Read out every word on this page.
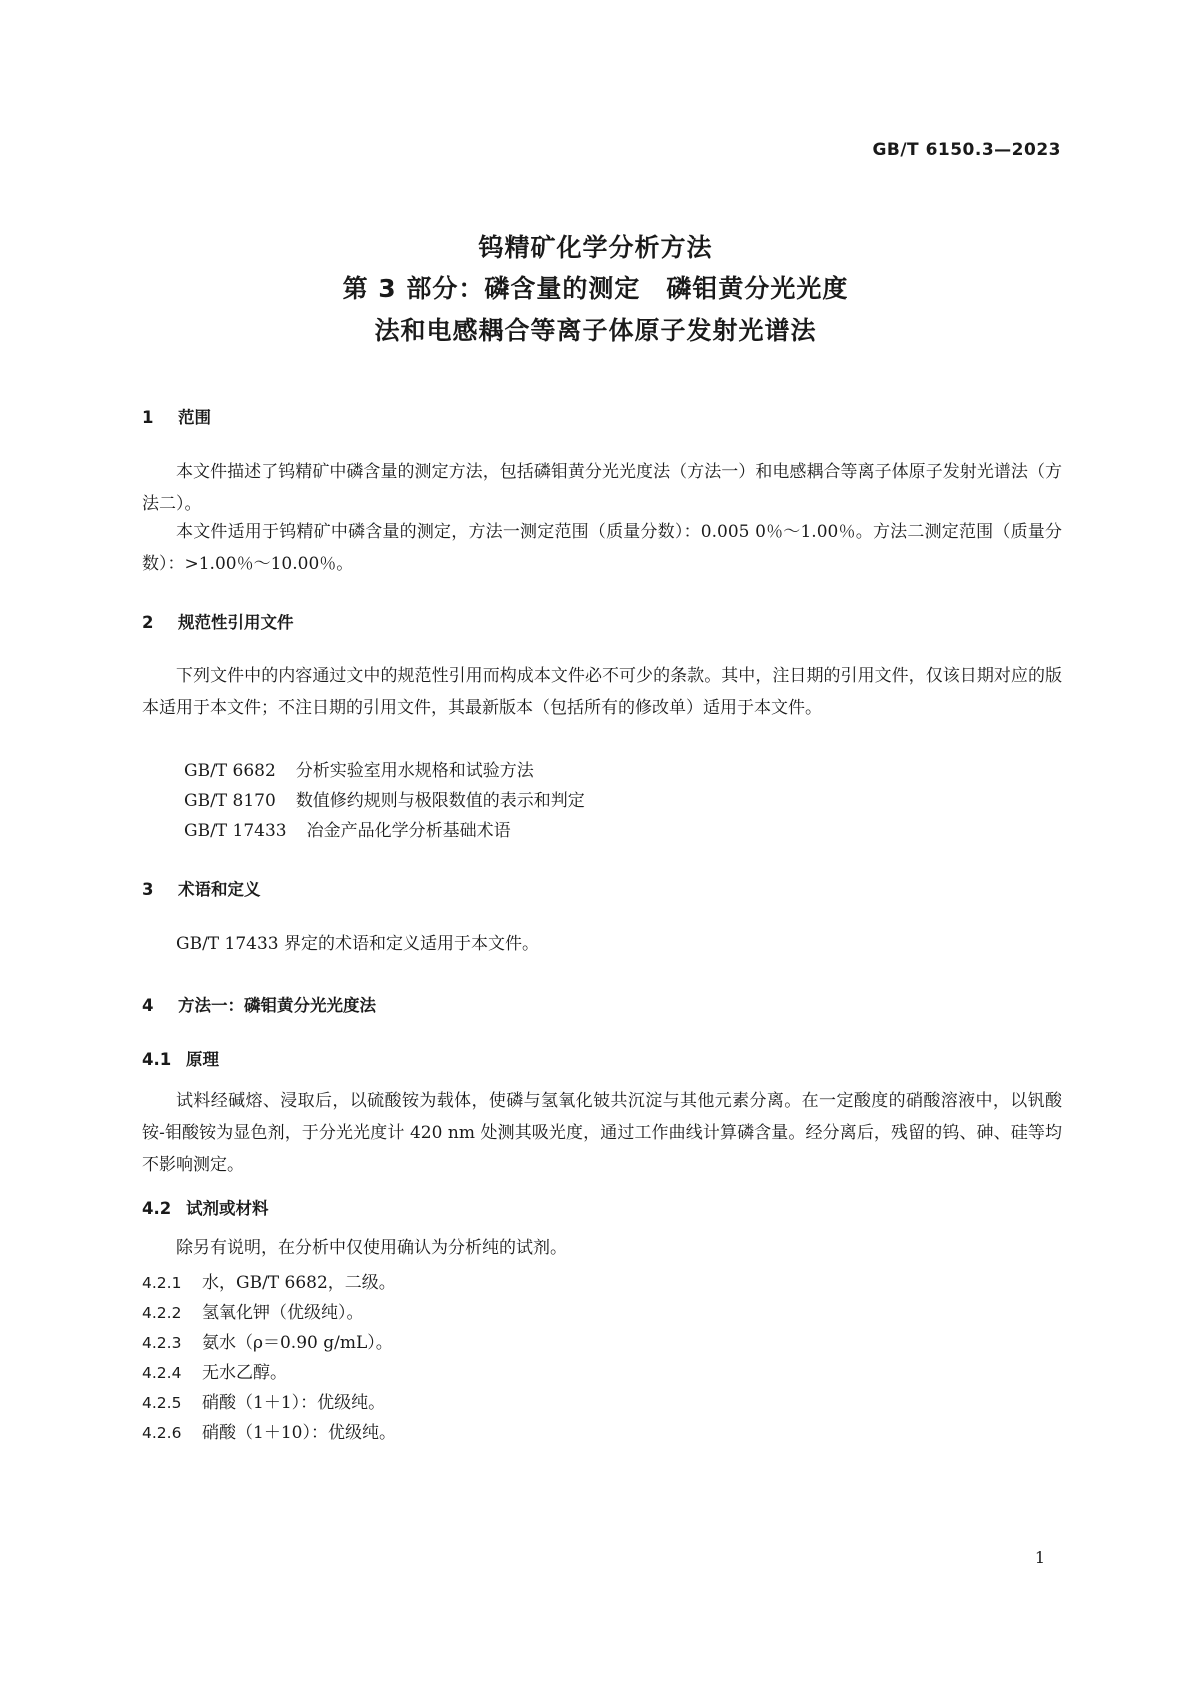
GB/T 6150.3—2023
钨精矿化学分析方法
第 3 部分：磷含量的测定　磷钼黄分光光度
法和电感耦合等离子体原子发射光谱法
1 范围
本文件描述了钨精矿中磷含量的测定方法，包括磷钼黄分光光度法（方法一）和电感耦合等离子体原子发射光谱法（方法二）。
本文件适用于钨精矿中磷含量的测定，方法一测定范围（质量分数）：0.005 0％～1.00％。方法二测定范围（质量分数）：>1.00％～10.00％。
2 规范性引用文件
下列文件中的内容通过文中的规范性引用而构成本文件必不可少的条款。其中，注日期的引用文件，仅该日期对应的版本适用于本文件；不注日期的引用文件，其最新版本（包括所有的修改单）适用于本文件。
GB/T 6682 分析实验室用水规格和试验方法
GB/T 8170 数值修约规则与极限数值的表示和判定
GB/T 17433 冶金产品化学分析基础术语
3 术语和定义
GB/T 17433 界定的术语和定义适用于本文件。
4 方法一：磷钼黄分光光度法
4.1 原理
试料经碱熔、浸取后，以硫酸铵为载体，使磷与氢氧化铍共沉淀与其他元素分离。在一定酸度的硝酸溶液中，以钒酸铵-钼酸铵为显色剂，于分光光度计 420 nm 处测其吸光度，通过工作曲线计算磷含量。经分离后，残留的钨、砷、硅等均不影响测定。
4.2 试剂或材料
除另有说明，在分析中仅使用确认为分析纯的试剂。
4.2.1 水，GB/T 6682，二级。
4.2.2 氢氧化钾（优级纯）。
4.2.3 氨水（ρ＝0.90 g/mL）。
4.2.4 无水乙醇。
4.2.5 硝酸（1＋1）：优级纯。
4.2.6 硝酸（1＋10）：优级纯。
1
